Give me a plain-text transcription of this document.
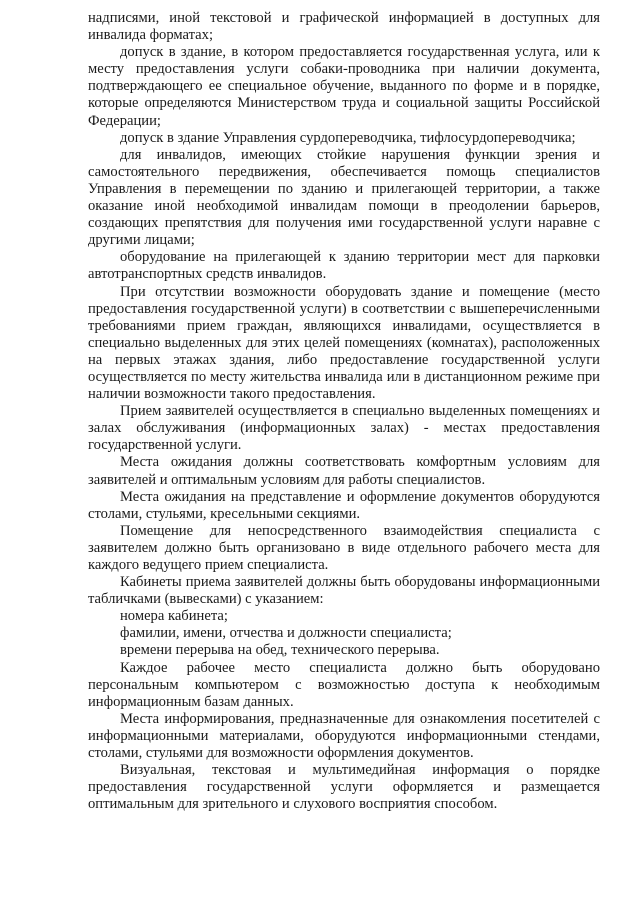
надписями, иной текстовой и графической информацией в доступных для инвалида форматах;

допуск в здание, в котором предоставляется государственная услуга, или к месту предоставления услуги собаки-проводника при наличии документа, подтверждающего ее специальное обучение, выданного по форме и в порядке, которые определяются Министерством труда и социальной защиты Российской Федерации;

допуск в здание Управления сурдопереводчика, тифлосурдопереводчика;

для инвалидов, имеющих стойкие нарушения функции зрения и самостоятельного передвижения, обеспечивается помощь специалистов Управления в перемещении по зданию и прилегающей территории, а также оказание иной необходимой инвалидам помощи в преодолении барьеров, создающих препятствия для получения ими государственной услуги наравне с другими лицами;

оборудование на прилегающей к зданию территории мест для парковки автотранспортных средств инвалидов.

При отсутствии возможности оборудовать здание и помещение (место предоставления государственной услуги) в соответствии с вышеперечисленными требованиями прием граждан, являющихся инвалидами, осуществляется в специально выделенных для этих целей помещениях (комнатах), расположенных на первых этажах здания, либо предоставление государственной услуги осуществляется по месту жительства инвалида или в дистанционном режиме при наличии возможности такого предоставления.

Прием заявителей осуществляется в специально выделенных помещениях и залах обслуживания (информационных залах) - местах предоставления государственной услуги.

Места ожидания должны соответствовать комфортным условиям для заявителей и оптимальным условиям для работы специалистов.

Места ожидания на представление и оформление документов оборудуются столами, стульями, кресельными секциями.

Помещение для непосредственного взаимодействия специалиста с заявителем должно быть организовано в виде отдельного рабочего места для каждого ведущего прием специалиста.

Кабинеты приема заявителей должны быть оборудованы информационными табличками (вывесками) с указанием:

номера кабинета;

фамилии, имени, отчества и должности специалиста;

времени перерыва на обед, технического перерыва.

Каждое рабочее место специалиста должно быть оборудовано персональным компьютером с возможностью доступа к необходимым информационным базам данных.

Места информирования, предназначенные для ознакомления посетителей с информационными материалами, оборудуются информационными стендами, столами, стульями для возможности оформления документов.

Визуальная, текстовая и мультимедийная информация о порядке предоставления государственной услуги оформляется и размещается оптимальным для зрительного и слухового восприятия способом.
